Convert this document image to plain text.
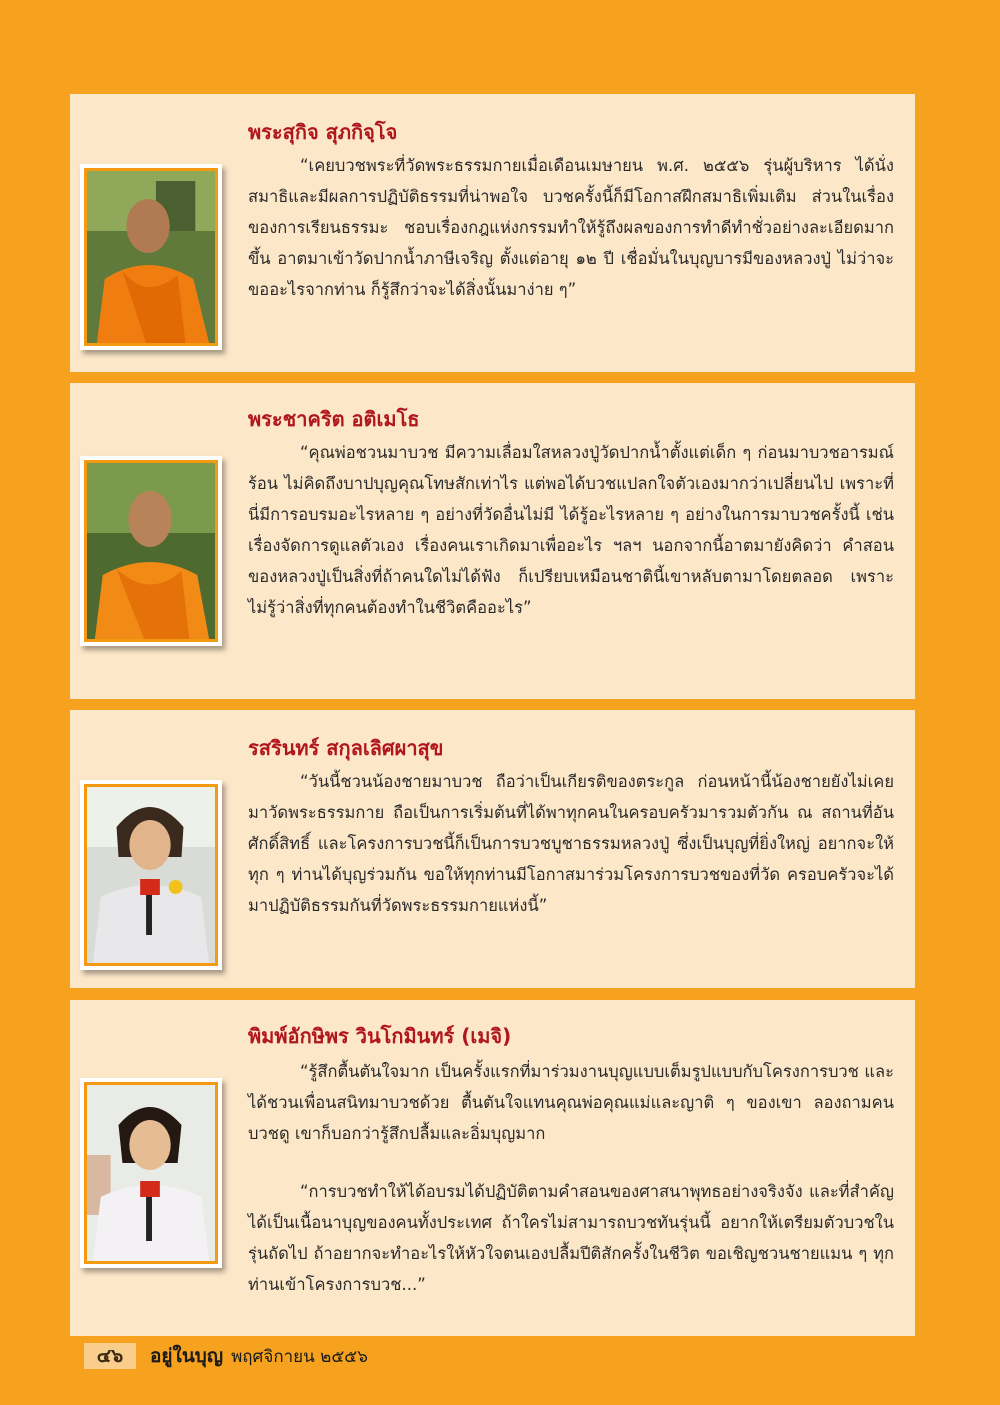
พระสุกิจ สุภกิจฺโจ

“เคยบวชพระที่วัดพระธรรมกายเมื่อเดือนเมษายน พ.ศ. ๒๕๕๖ รุ่นผู้บริหาร ได้นั่งสมาธิและมีผลการปฏิบัติธรรมที่น่าพอใจ บวชครั้งนี้ก็มีโอกาสฝึกสมาธิเพิ่มเติม ส่วนในเรื่องของการเรียนธรรมะ ชอบเรื่องกฎแห่งกรรมทำให้รู้ถึงผลของการทำดีทำชั่วอย่างละเอียดมากขึ้น อาตมาเข้าวัดปากน้ำภาษีเจริญ ตั้งแต่อายุ ๑๒ ปี เชื่อมั่นในบุญบารมีของหลวงปู่ ไม่ว่าจะขออะไรจากท่าน ก็รู้สึกว่าจะได้สิ่งนั้นมาง่าย ๆ”

พระชาคริต อติเมโธ

“คุณพ่อชวนมาบวช มีความเลื่อมใสหลวงปู่วัดปากน้ำตั้งแต่เด็ก ๆ ก่อนมาบวชอารมณ์ร้อน ไม่คิดถึงบาปบุญคุณโทษสักเท่าไร แต่พอได้บวชแปลกใจตัวเองมากว่าเปลี่ยนไป เพราะที่นี่มีการอบรมอะไรหลาย ๆ อย่างที่วัดอื่นไม่มี ได้รู้อะไรหลาย ๆ อย่างในการมาบวชครั้งนี้ เช่น เรื่องจัดการดูแลตัวเอง เรื่องคนเราเกิดมาเพื่ออะไร ฯลฯ นอกจากนี้อาตมายังคิดว่า คำสอนของหลวงปู่เป็นสิ่งที่ถ้าคนใดไม่ได้ฟัง ก็เปรียบเหมือนชาตินี้เขาหลับตามาโดยตลอด เพราะไม่รู้ว่าสิ่งที่ทุกคนต้องทำในชีวิตคืออะไร”

รสรินทร์ สกุลเลิศผาสุข

“วันนี้ชวนน้องชายมาบวช ถือว่าเป็นเกียรติของตระกูล ก่อนหน้านี้น้องชายยังไม่เคยมาวัดพระธรรมกาย ถือเป็นการเริ่มต้นที่ได้พาทุกคนในครอบครัวมารวมตัวกัน ณ สถานที่อันศักดิ์สิทธิ์ และโครงการบวชนี้ก็เป็นการบวชบูชาธรรมหลวงปู่ ซึ่งเป็นบุญที่ยิ่งใหญ่ อยากจะให้ทุก ๆ ท่านได้บุญร่วมกัน ขอให้ทุกท่านมีโอกาสมาร่วมโครงการบวชของที่วัด ครอบครัวจะได้มาปฏิบัติธรรมกันที่วัดพระธรรมกายแห่งนี้”

พิมพ์อักษิพร วินโกมินทร์ (เมจิ)

“รู้สึกตื้นตันใจมาก เป็นครั้งแรกที่มาร่วมงานบุญแบบเต็มรูปแบบกับโครงการบวช และได้ชวนเพื่อนสนิทมาบวชด้วย ตื้นตันใจแทนคุณพ่อคุณแม่และญาติ ๆ ของเขา ลองถามคนบวชดู เขาก็บอกว่ารู้สึกปลื้มและอิ่มบุญมาก

“การบวชทำให้ได้อบรมได้ปฏิบัติตามคำสอนของศาสนาพุทธอย่างจริงจัง และที่สำคัญได้เป็นเนื้อนาบุญของคนทั้งประเทศ ถ้าใครไม่สามารถบวชทันรุ่นนี้ อยากให้เตรียมตัวบวชในรุ่นถัดไป ถ้าอยากจะทำอะไรให้หัวใจตนเองปลื้มปีติสักครั้งในชีวิต ขอเชิญชวนชายแมน ๆ ทุกท่านเข้าโครงการบวช...”

๔๖	อยู่ในบุญ พฤศจิกายน ๒๕๕๖
